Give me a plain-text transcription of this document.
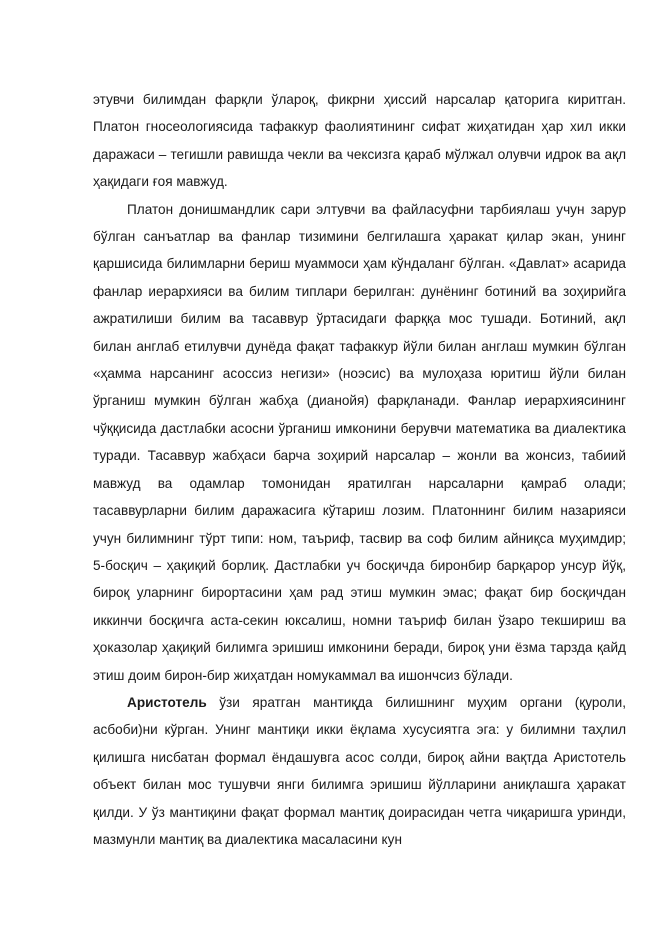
этувчи билимдан фарқли ўлароқ, фикрни ҳиссий нарсалар қаторига киритган. Платон гносеологиясида тафаккур фаолиятининг сифат жиҳатидан ҳар хил икки даражаси – тегишли равишда чекли ва чексизга қараб мўлжал олувчи идрок ва ақл ҳақидаги ғоя мавжуд.

Платон донишмандлик сари элтувчи ва файласуфни тарбиялаш учун зарур бўлган санъатлар ва фанлар тизимини белгилашга ҳаракат қилар экан, унинг қаршисида билимларни бериш муаммоси ҳам кўндаланг бўлган. «Давлат» асарида фанлар иерархияси ва билим типлари берилган: дунёнинг ботиний ва зоҳирийга ажратилиши билим ва тасаввур ўртасидаги фарққа мос тушади. Ботиний, ақл билан англаб етилувчи дунёда фақат тафаккур йўли билан англаш мумкин бўлган «ҳамма нарсанинг асоссиз негизи» (ноэсис) ва мулоҳаза юритиш йўли билан ўрганиш мумкин бўлган жабҳа (дианойя) фарқланади. Фанлар иерархиясининг чўққисида дастлабки асосни ўрганиш имконини берувчи математика ва диалектика туради. Тасаввур жабҳаси барча зоҳирий нарсалар – жонли ва жонсиз, табиий мавжуд ва одамлар томонидан яратилган нарсаларни қамраб олади; тасаввурларни билим даражасига кўтариш лозим. Платоннинг билим назарияси учун билимнинг тўрт типи: ном, таъриф, тасвир ва соф билим айниқса муҳимдир; 5-босқич – ҳақиқий борлиқ. Дастлабки уч босқичда биронбир барқарор унсур йўқ, бироқ уларнинг бирортасини ҳам рад этиш мумкин эмас; фақат бир босқичдан иккинчи босқичга аста-секин юксалиш, номни таъриф билан ўзаро текшириш ва ҳоказолар ҳақиқий билимга эришиш имконини беради, бироқ уни ёзма тарзда қайд этиш доим бирон-бир жиҳатдан номукаммал ва ишончсиз бўлади.

Аристотель ўзи яратган мантиқда билишнинг муҳим органи (қуроли, асбоби)ни кўрган. Унинг мантиқи икки ёқлама хусусиятга эга: у билимни таҳлил қилишга нисбатан формал ёндашувга асос солди, бироқ айни вақтда Аристотель объект билан мос тушувчи янги билимга эришиш йўлларини аниқлашга ҳаракат қилди. У ўз мантиқини фақат формал мантиқ доирасидан четга чиқаришга уринди, мазмунли мантиқ ва диалектика масаласини кун
